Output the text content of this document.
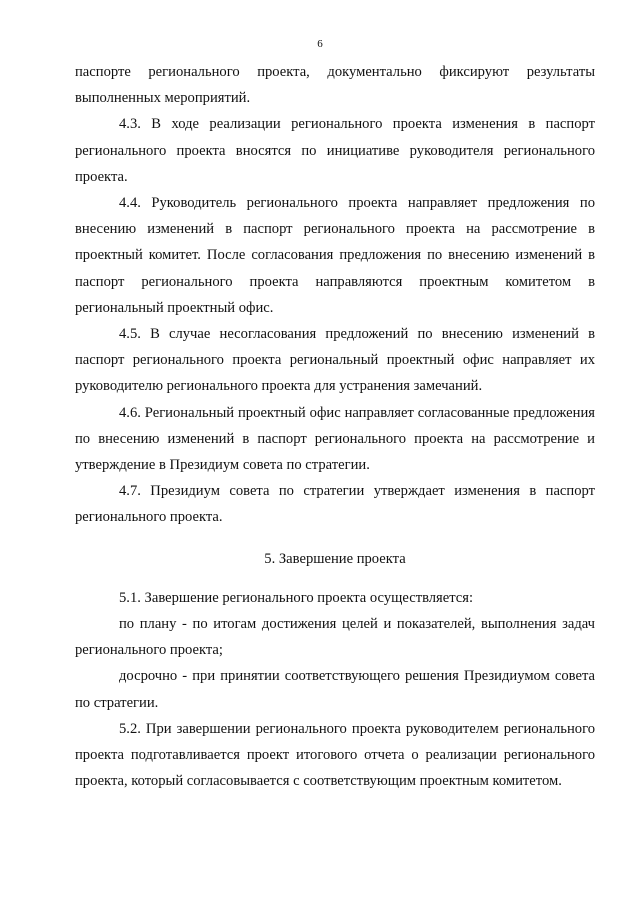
6

паспорте регионального проекта, документально фиксируют результаты выполненных мероприятий.

4.3. В ходе реализации регионального проекта изменения в паспорт регионального проекта вносятся по инициативе руководителя регионального проекта.

4.4. Руководитель регионального проекта направляет предложения по внесению изменений в паспорт регионального проекта на рассмотрение в проектный комитет. После согласования предложения по внесению изменений в паспорт регионального проекта направляются проектным комитетом в региональный проектный офис.

4.5. В случае несогласования предложений по внесению изменений в паспорт регионального проекта региональный проектный офис направляет их руководителю регионального проекта для устранения замечаний.

4.6. Региональный проектный офис направляет согласованные предложения по внесению изменений в паспорт регионального проекта на рассмотрение и утверждение в Президиум совета по стратегии.

4.7. Президиум совета по стратегии утверждает изменения в паспорт регионального проекта.

5. Завершение проекта

5.1. Завершение регионального проекта осуществляется:

по плану - по итогам достижения целей и показателей, выполнения задач регионального проекта;

досрочно - при принятии соответствующего решения Президиумом совета по стратегии.

5.2. При завершении регионального проекта руководителем регионального проекта подготавливается проект итогового отчета о реализации регионального проекта, который согласовывается с соответствующим проектным комитетом.
